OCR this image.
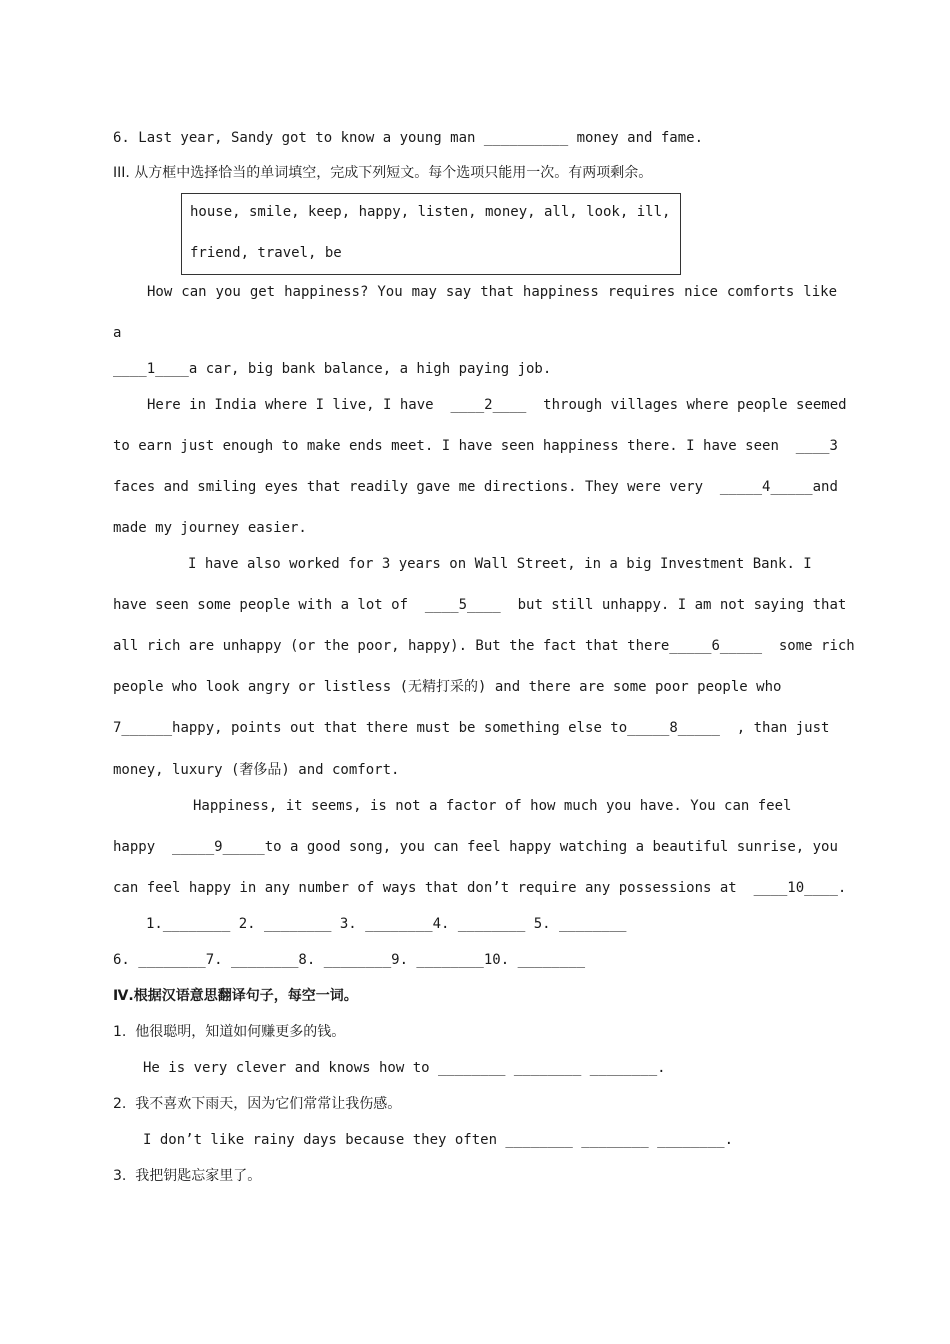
6. Last year, Sandy got to know a young man __________ money and fame.
III. 从方框中选择恰当的单词填空，完成下列短文。每个选项只能用一次。有两项剩余。
house, smile, keep, happy, listen, money, all, look, ill,
friend, travel, be
How can you get happiness? You may say that happiness requires nice comforts like
a
____1____a car, big bank balance, a high paying job.
Here in India where I live, I have ____2____ through villages where people seemed
to earn just enough to make ends meet. I have seen happiness there. I have seen ____3
faces and smiling eyes that readily gave me directions. They were very _____4_____and
made my journey easier.
I have also worked for 3 years on Wall Street, in a big Investment Bank. I
have seen some people with a lot of ____5____ but still unhappy. I am not saying that
all rich are unhappy (or the poor, happy). But the fact that there_____6_____ some rich
people who look angry or listless (无精打采的) and there are some poor people who
7______happy, points out that there must be something else to_____8_____ , than just
money, luxury (奢侈品) and comfort.
Happiness, it seems, is not a factor of how much you have. You can feel
happy _____9_____to a good song, you can feel happy watching a beautiful sunrise, you
can feel happy in any number of ways that don’t require any possessions at ____10____.
1.________ 2. ________ 3. ________4. ________ 5. ________
6. ________7. ________8. ________9. ________10. ________
Ⅳ.根据汉语意思翻译句子，每空一词。
1.  他很聪明，知道如何赚更多的钱。
He is very clever and knows how to ________ ________ ________.
2.  我不喜欢下雨天，因为它们常常让我伤感。
I don’t like rainy days because they often ________ ________ ________.
3.  我把钥匙忘家里了。
